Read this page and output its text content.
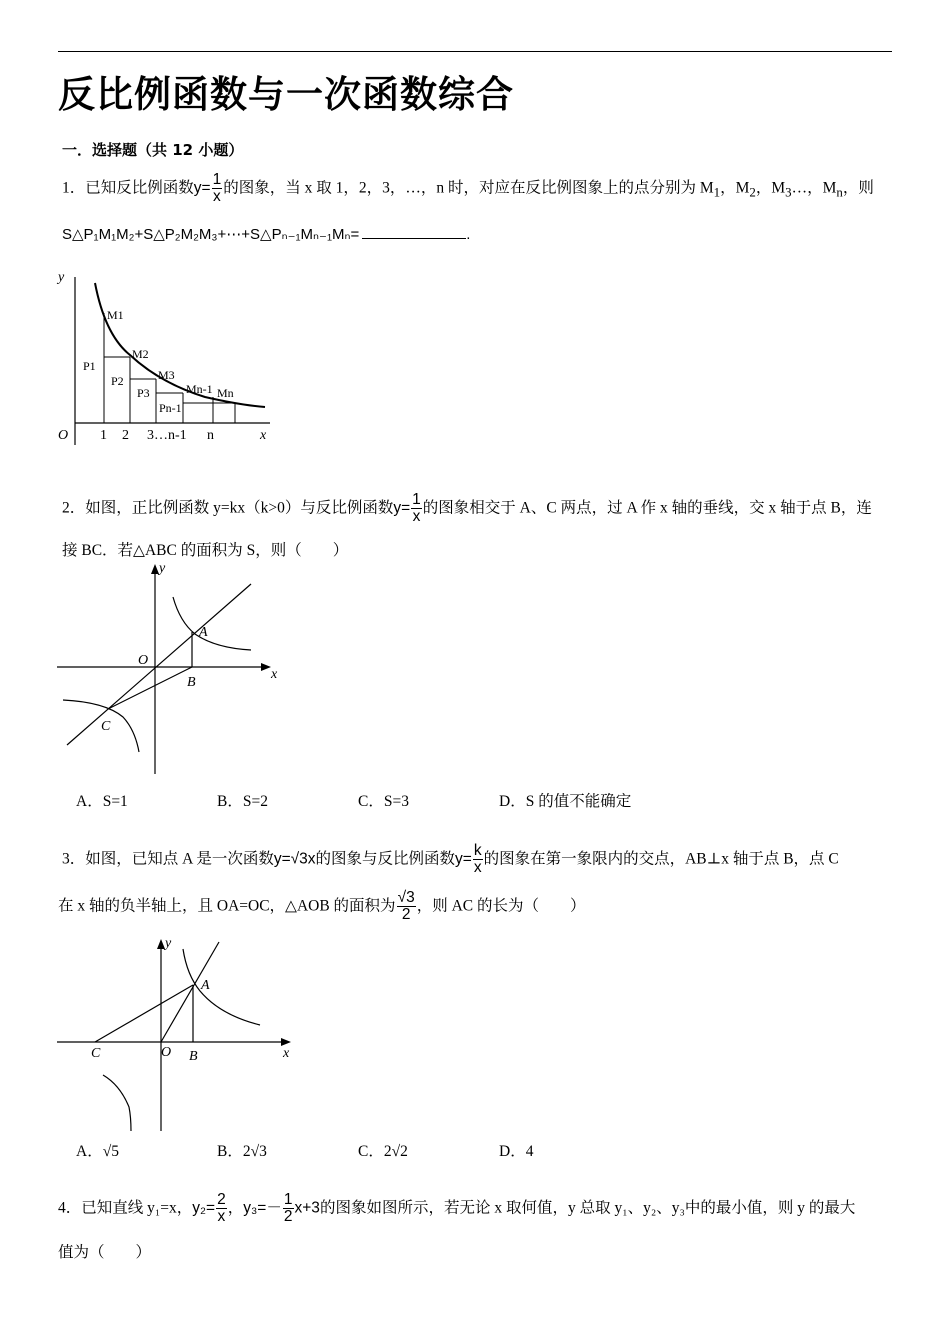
反比例函数与一次函数综合
一．选择题（共 12 小题）
1．已知反比例函数$y= \frac{1}{x}$ 的图象，当 x 取 1，2，3，…，n 时，对应在反比例图象上的点分别为 $M_1$，$M_2$，$M_3\dots$，$M_n$，则
S△P₁M₁M₂+S△P₂M₂M₃+⋯+S△Pₙ₋₁Mₙ₋₁Mₙ=	.
y
x
O 1 2 3…n-1 n
M1
M2
M3
Mn-1 Mn
P1
P2
P3
Pn-1
2．如图，正比例函数 y=kx（k>0）与反比例函数$y= \frac{1}{x}$ 的图象相交于 A、C 两点，过 A 作 x 轴的垂线，交 x 轴于点 B，连
接 BC．若△ABC 的面积为 S，则（　　）
y
x
O
A
B
C
A．S=1	B．S=2	C．S=3	D．S 的值不能确定
3．如图，已知点 A 是一次函数y=√3x的图象与反比例函数$y= \frac{k}{x}$ 的图象在第一象限内的交点，AB⊥x 轴于点 B，点 C
在 x 轴的负半轴上，且 OA=OC，△AOB 的面积为 $\frac{√3}{2}$ ，则 AC 的长为（　　）
y
x
O
A
B
C
A．√5	B．2√3	C．2√2	D．4
4．已知直线 y₁=x，$y_2= \frac{2}{x}$ ，$y_3=- \frac{1}{2} x+3$的图象如图所示，若无论 x 取何值，y 总取 y₁、y₂、y₃中的最小值，则 y 的最大
值为（　　）
